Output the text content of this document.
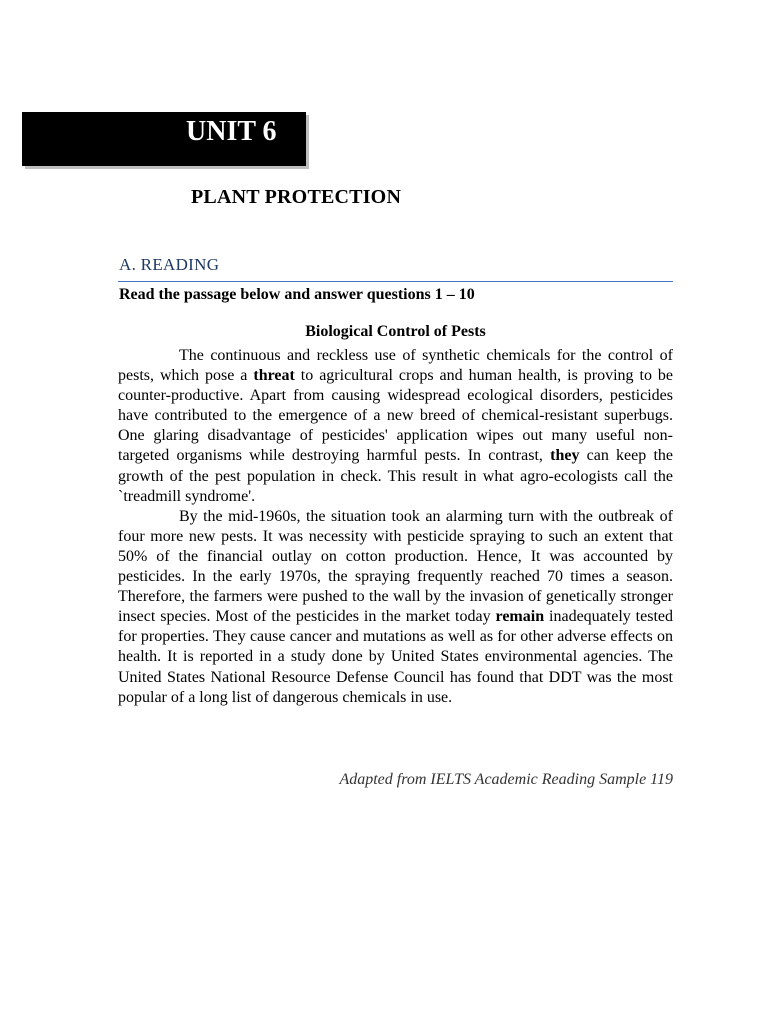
UNIT 6
PLANT PROTECTION
A. READING
Read the passage below and answer questions 1 – 10
Biological Control of Pests

The continuous and reckless use of synthetic chemicals for the control of pests, which pose a threat to agricultural crops and human health, is proving to be counter-productive. Apart from causing widespread ecological disorders, pesticides have contributed to the emergence of a new breed of chemical-resistant superbugs. One glaring disadvantage of pesticides' application wipes out many useful non-targeted organisms while destroying harmful pests. In contrast, they can keep the growth of the pest population in check. This result in what agro-ecologists call the `treadmill syndrome'.

By the mid-1960s, the situation took an alarming turn with the outbreak of four more new pests. It was necessity with pesticide spraying to such an extent that 50% of the financial outlay on cotton production. Hence, It was accounted by pesticides. In the early 1970s, the spraying frequently reached 70 times a season. Therefore, the farmers were pushed to the wall by the invasion of genetically stronger insect species. Most of the pesticides in the market today remain inadequately tested for properties. They cause cancer and mutations as well as for other adverse effects on health. It is reported in a study done by United States environmental agencies. The United States National Resource Defense Council has found that DDT was the most popular of a long list of dangerous chemicals in use.

Adapted from IELTS Academic Reading Sample 119
